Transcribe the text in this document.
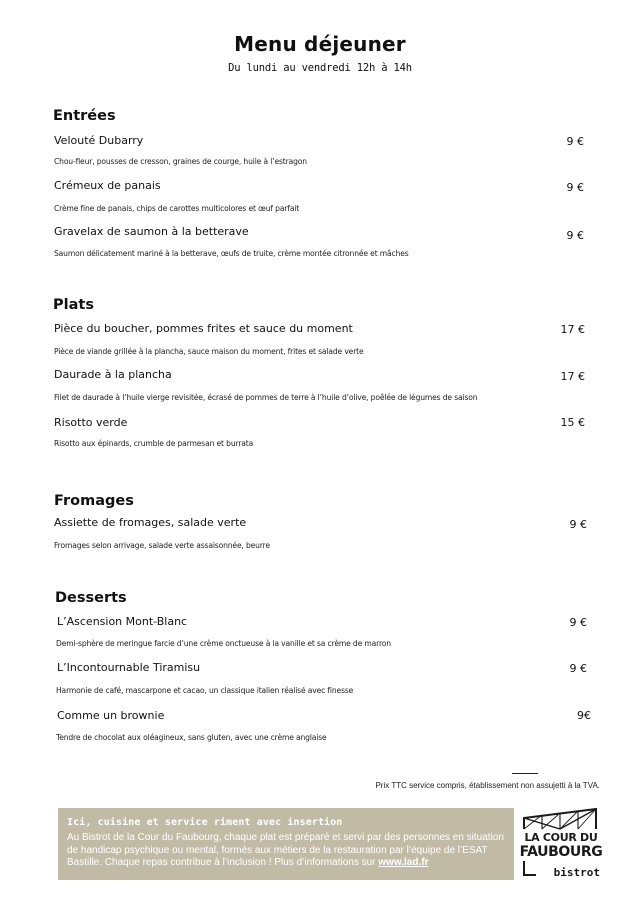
Menu déjeuner
Du lundi au vendredi 12h à 14h
Entrées
Velouté Dubarry	9 €
Chou-fleur, pousses de cresson, graines de courge, huile à l’estragon
Crémeux de panais	9 €
Crème fine de panais, chips de carottes multicolores et œuf parfait
Gravelax de saumon à la betterave	9 €
Saumon délicatement mariné à la betterave, œufs de truite, crème montée citronnée et mâches
Plats
Pièce du boucher, pommes frites et sauce du moment	17 €
Pièce de viande grillée à la plancha, sauce maison du moment, frites et salade verte
Daurade à la plancha	17 €
Filet de daurade à l’huile vierge revisitée, écrasé de pommes de terre à l’huile d’olive, poêlée de légumes de saison
Risotto verde	15 €
Risotto aux épinards, crumble de parmesan et burrata
Fromages
Assiette de fromages, salade verte	9 €
Fromages selon arrivage, salade verte assaisonnée, beurre
Desserts
L’Ascension Mont-Blanc	9 €
Demi-sphère de meringue farcie d’une crème onctueuse à la vanille et sa crème de marron
L’Incontournable Tiramisu	9 €
Harmonie de café, mascarpone et cacao, un classique italien réalisé avec finesse
Comme un brownie	9€
Tendre de chocolat aux oléagineux, sans gluten, avec une crème anglaise
Prix TTC service compris, établissement non assujetti à la TVA.
Ici, cuisine et service riment avec insertion
Au Bistrot de la Cour du Faubourg, chaque plat est préparé et servi par des personnes en situation de handicap psychique ou mental, formés aux métiers de la restauration par l’équipe de l’ESAT Bastille. Chaque repas contribue à l’inclusion ! Plus d’informations sur www.lad.fr
LA COUR DU
FAUBOURG
bistrot
